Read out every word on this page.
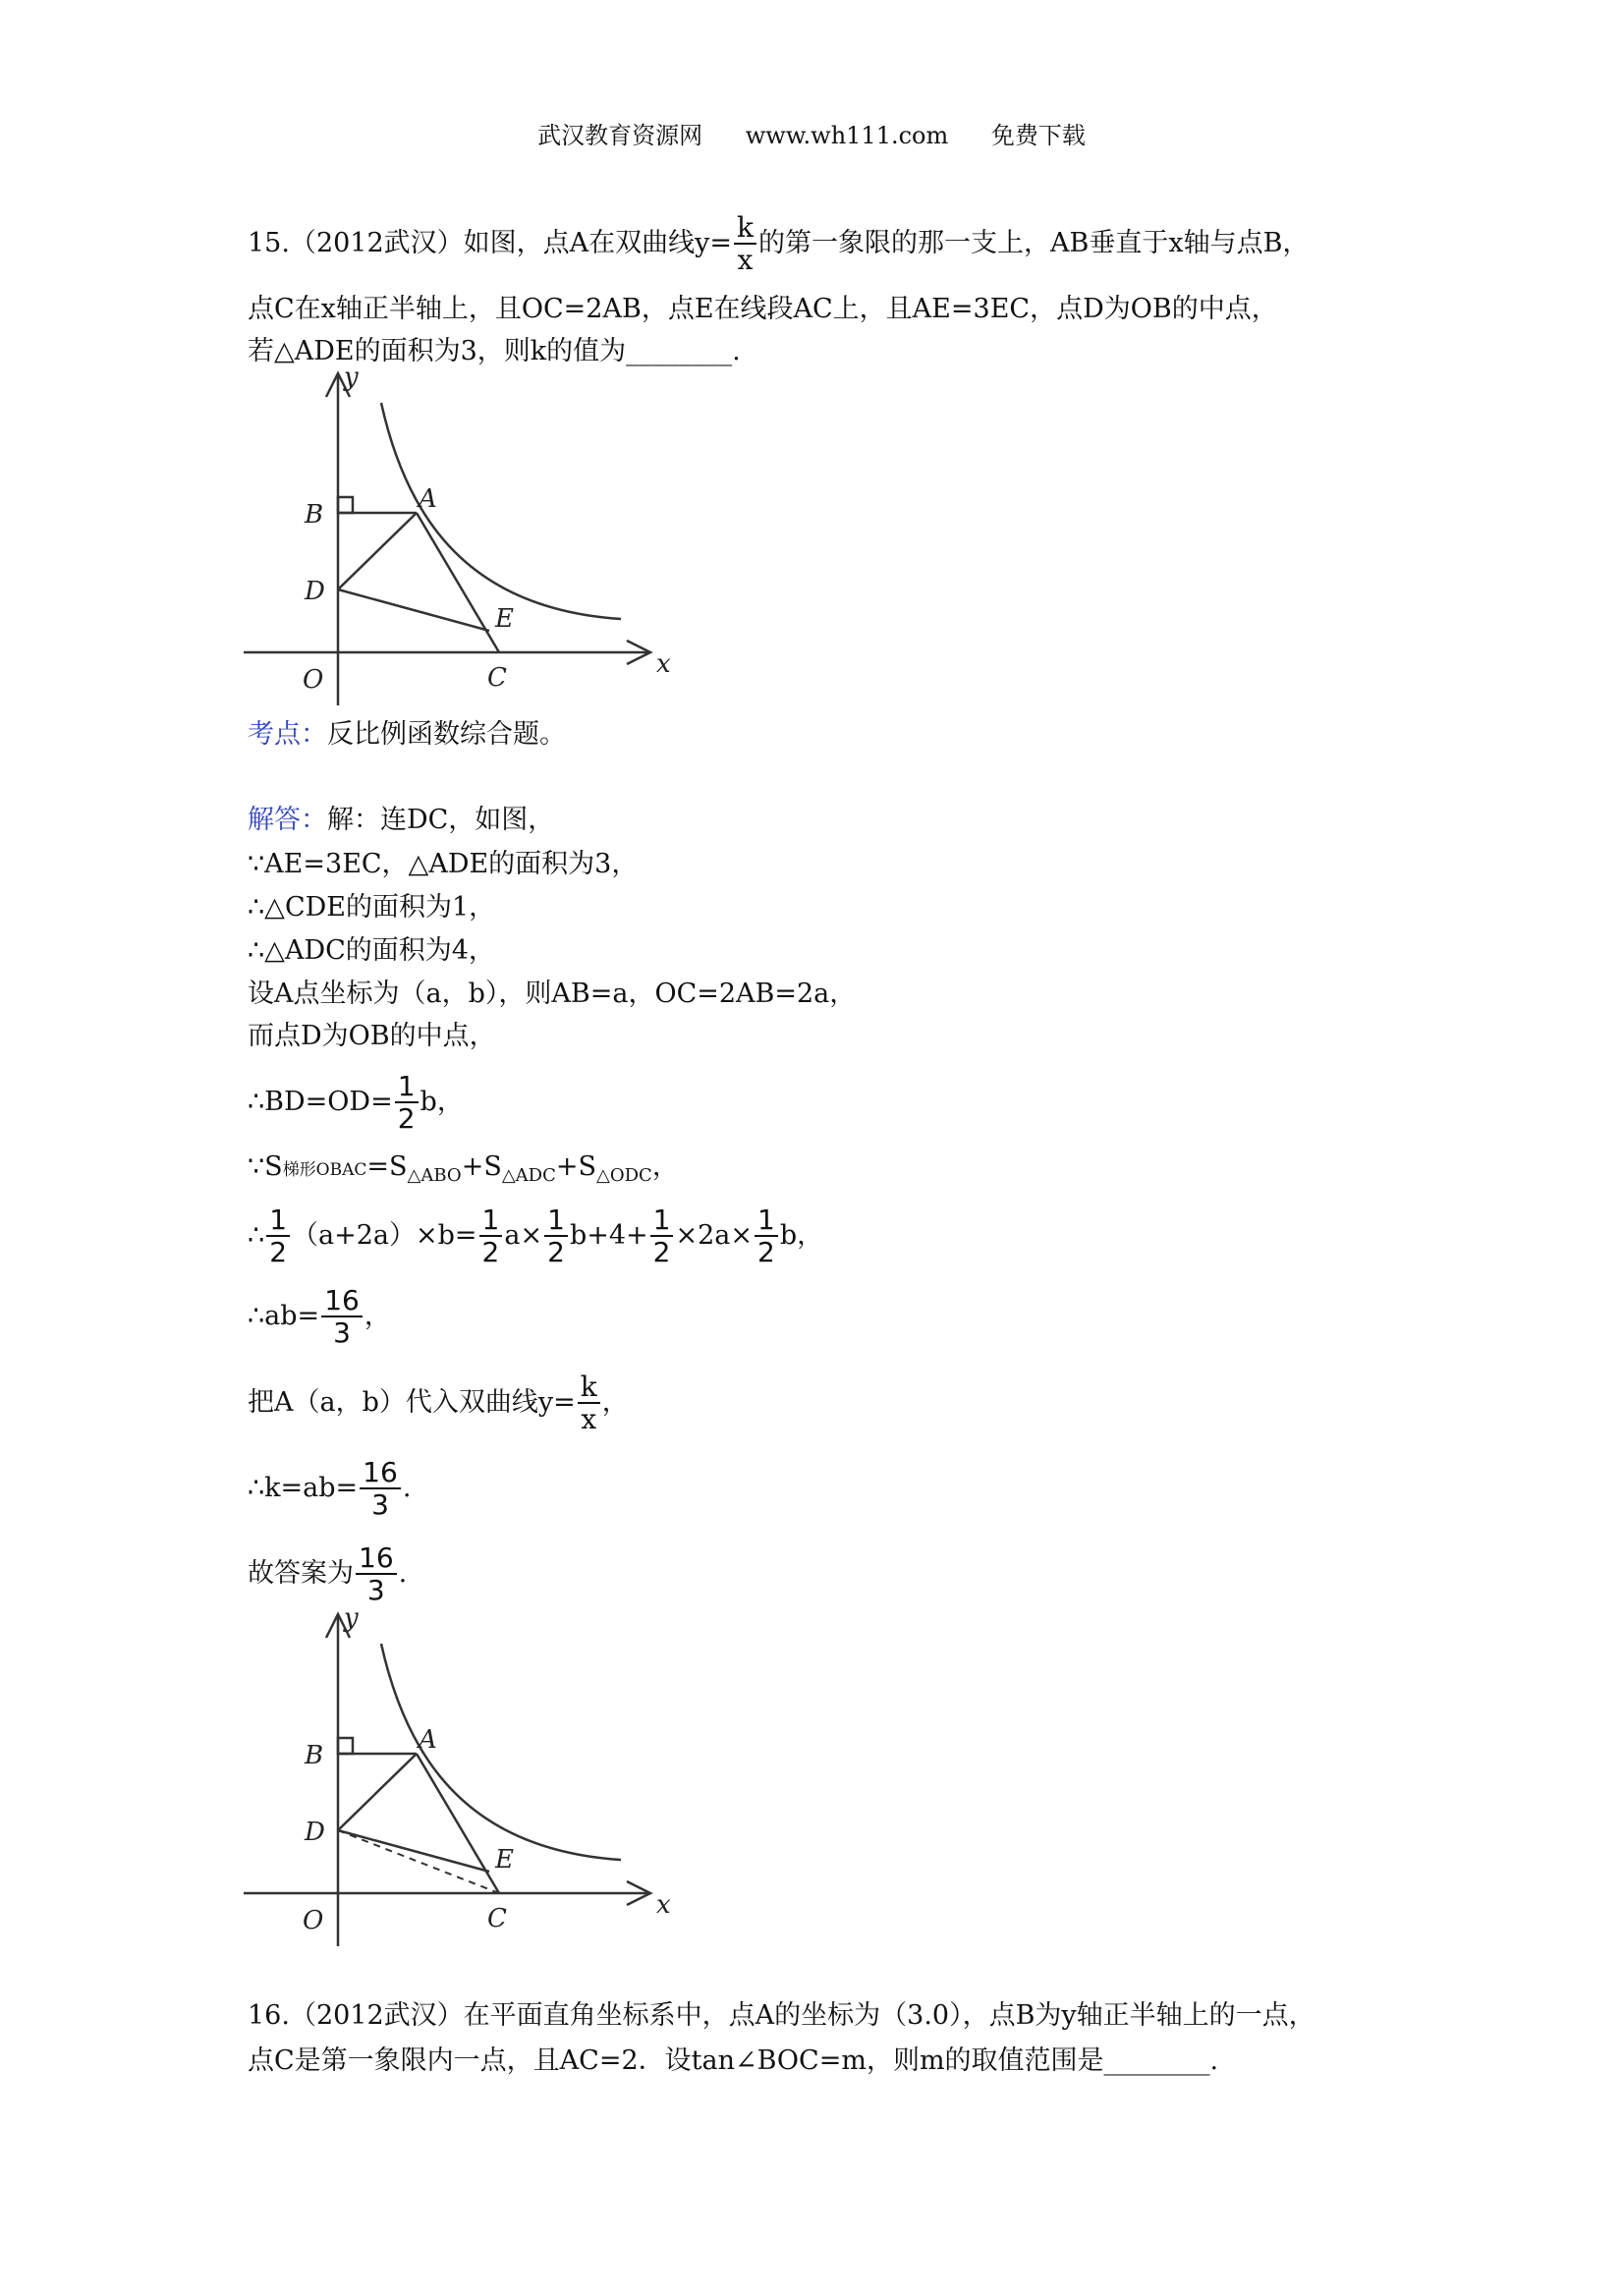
武汉教育资源网 www.wh111.com 免费下载
15.（2012武汉）如图，点A在双曲线$y= \frac{k}{x}$ 的第一象限的那一支上，AB垂直于x轴与点B，
点C在x轴正半轴上，且OC=2AB，点E在线段AC上，且AE=3EC，点D为OB的中点，
若△ADE的面积为3，则k的值为________.
y
x
O
B
A
D
E
C
考点：反比例函数综合题。
解答：解：连DC，如图，
∵AE=3EC，△ADE的面积为3，
∴△CDE的面积为1，
∴△ADC的面积为4，
设A点坐标为（a，b），则AB=a，OC=2AB=2a，
而点D为OB的中点，
∴BD=OD= $\frac{1}{2}$ b，
∵S梯形$OBAC=S_{\triangle ABO}+S_{\triangle ADC}+S_{\triangle ODC}$，
∴ $\frac{1}{2} (a+2a)\times b= \frac{1}{2} a\times \frac{1}{2} b+4+ \frac{1}{2} \times 2a\times \frac{1}{2}$ b，
∴ab= $\frac{16}{3}$ ，
把A（a，b）代入双曲线$y= \frac{k}{x}$ ，
∴k=ab= $\frac{16}{3}$ .
故答案为 $\frac{16}{3}$ .
y
x
O
B
A
D
E
C
16.（2012武汉）在平面直角坐标系中，点A的坐标为（3.0），点B为y轴正半轴上的一点，
点C是第一象限内一点，且AC=2．设tan∠BOC=m，则m的取值范围是________.
